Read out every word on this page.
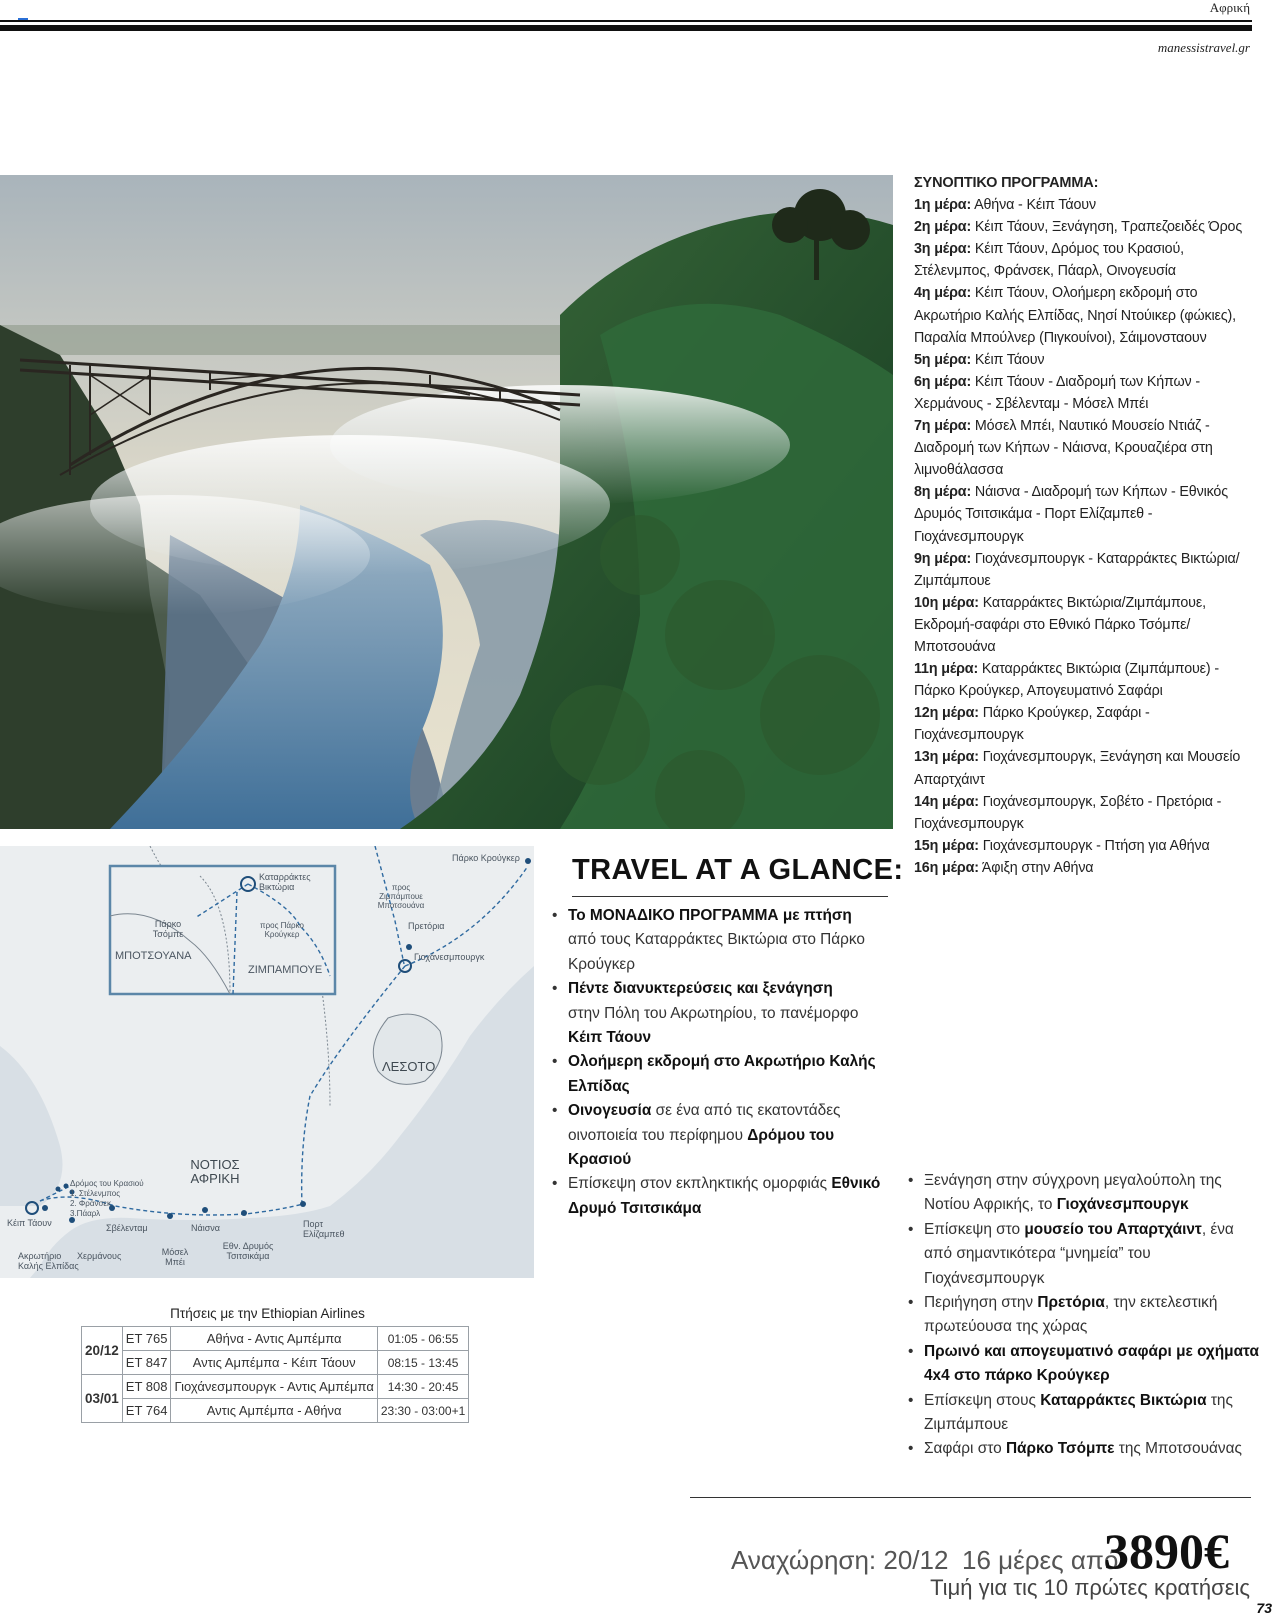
Αφρική
manessistravel.gr
ΣΥΝΟΠΤΙΚΟ ΠΡΟΓΡΑΜΜΑ:
1η μέρα: Αθήνα - Κέιπ Τάουν
2η μέρα: Κέιπ Τάουν, Ξενάγηση, Τραπεζοειδές Όρος
3η μέρα: Κέιπ Τάουν, Δρόμος του Κρασιού, Στέλενμπος, Φράνσεκ, Πάαρλ, Οινογευσία
4η μέρα: Κέιπ Τάουν, Ολοήμερη εκδρομή στο Ακρωτήριο Καλής Ελπίδας, Νησί Ντούικερ (φώκιες), Παραλία Μπούλνερ (Πιγκουίνοι), Σάιμονσταουν
5η μέρα: Κέιπ Τάουν
6η μέρα: Κέιπ Τάουν - Διαδρομή των Κήπων - Χερμάνους - Σβέλενταμ - Μόσελ Μπέι
7η μέρα: Μόσελ Μπέι, Ναυτικό Μουσείο Ντιάζ - Διαδρομή των Κήπων - Νάισνα, Κρουαζιέρα στη λιμνοθάλασσα
8η μέρα: Νάισνα - Διαδρομή των Κήπων - Εθνικός Δρυμός Τσιτσικάμα - Πορτ Ελίζαμπεθ - Γιοχάνεσμπουργκ
9η μέρα: Γιοχάνεσμπουργκ - Καταρράκτες Βικτώρια/ Ζιμπάμπουε
10η μέρα: Καταρράκτες Βικτώρια/Ζιμπάμπουε, Εκδρομή-σαφάρι στο Εθνικό Πάρκο Τσόμπε/ Μποτσουάνα
11η μέρα: Καταρράκτες Βικτώρια (Ζιμπάμπουε) - Πάρκο Κρούγκερ, Απογευματινό Σαφάρι
12η μέρα: Πάρκο Κρούγκερ, Σαφάρι - Γιοχάνεσμπουργκ
13η μέρα: Γιοχάνεσμπουργκ, Ξενάγηση και Μουσείο Απαρτχάιντ
14η μέρα: Γιοχάνεσμπουργκ, Σοβέτο - Πρετόρια - Γιοχάνεσμπουργκ
15η μέρα: Γιοχάνεσμπουργκ - Πτήση για Αθήνα
16η μέρα: Άφιξη στην Αθήνα
Πάρκο Κρούγκερ
Καταρράκτες Βικτώρια
Πάρκο Τσόμπε
ΜΠΟΤΣΟΥΑΝΑ
ΖΙΜΠΑΜΠΟΥΕ
προς Πάρκο Κρούγκερ
προς Ζιμπάμπουε Μποτσουάνα
Πρετόρια
Γιοχάνεσμπουργκ
ΛΕΣΟΤΟ
ΝΟΤΙΟΣ ΑΦΡΙΚΗ
Δρόμος του Κρασιού
1. Στέλενμπος
2. Φράνσεκ
3.Πάαρλ
Κέιπ Τάουν	Σβέλενταμ	Νάισνα	Πορτ Ελίζαμπεθ
Ακρωτήριο Καλής Ελπίδας
Χερμάνους	Μόσελ Μπέι
Εθν. Δρυμός Τσιτσικάμα
Πτήσεις με την Ethiopian Airlines
20/12	ET 765	Αθήνα - Αντις Αμπέμπα	01:05 - 06:55
	ET 847	Αντις Αμπέμπα - Κέιπ Τάουν	08:15 - 13:45
03/01	ET 808	Γιοχάνεσμπουργκ - Αντις Αμπέμπα	14:30 - 20:45
	ET 764	Αντις Αμπέμπα - Αθήνα	23:30 - 03:00+1
TRAVEL AT A GLANCE:
• Το ΜΟΝΑΔΙΚΟ ΠΡΟΓΡΑΜΜΑ με πτήση
από τους Καταρράκτες Βικτώρια στο Πάρκο Κρούγκερ
• Πέντε διανυκτερεύσεις και ξενάγηση
στην Πόλη του Ακρωτηρίου, το πανέμορφο Κέιπ Τάουν
• Ολοήμερη εκδρομή στο Ακρωτήριο Καλής Ελπίδας
• Οινογευσία σε ένα από τις εκατοντάδες οινοποιεία του περίφημου Δρόμου του Κρασιού
• Επίσκεψη στον εκπληκτικής ομορφιάς Εθνικό Δρυμό Τσιτσικάμα
• Ξενάγηση στην σύγχρονη μεγαλούπολη της Νοτίου Αφρικής, το Γιοχάνεσμπουργκ
• Επίσκεψη στο μουσείο του Απαρτχάιντ, ένα από σημαντικότερα “μνημεία” του Γιοχάνεσμπουργκ
• Περιήγηση στην Πρετόρια, την εκτελεστική πρωτεύουσα της χώρας
• Πρωινό και απογευματινό σαφάρι με οχήματα 4x4 στο πάρκο Κρούγκερ
• Επίσκεψη στους Καταρράκτες Βικτώρια της Ζιμπάμπουε
• Σαφάρι στο Πάρκο Τσόμπε της Μποτσουάνας
Αναχώρηση: 20/12 16 μέρες από
3890€
Τιμή για τις 10 πρώτες κρατήσεις
73
